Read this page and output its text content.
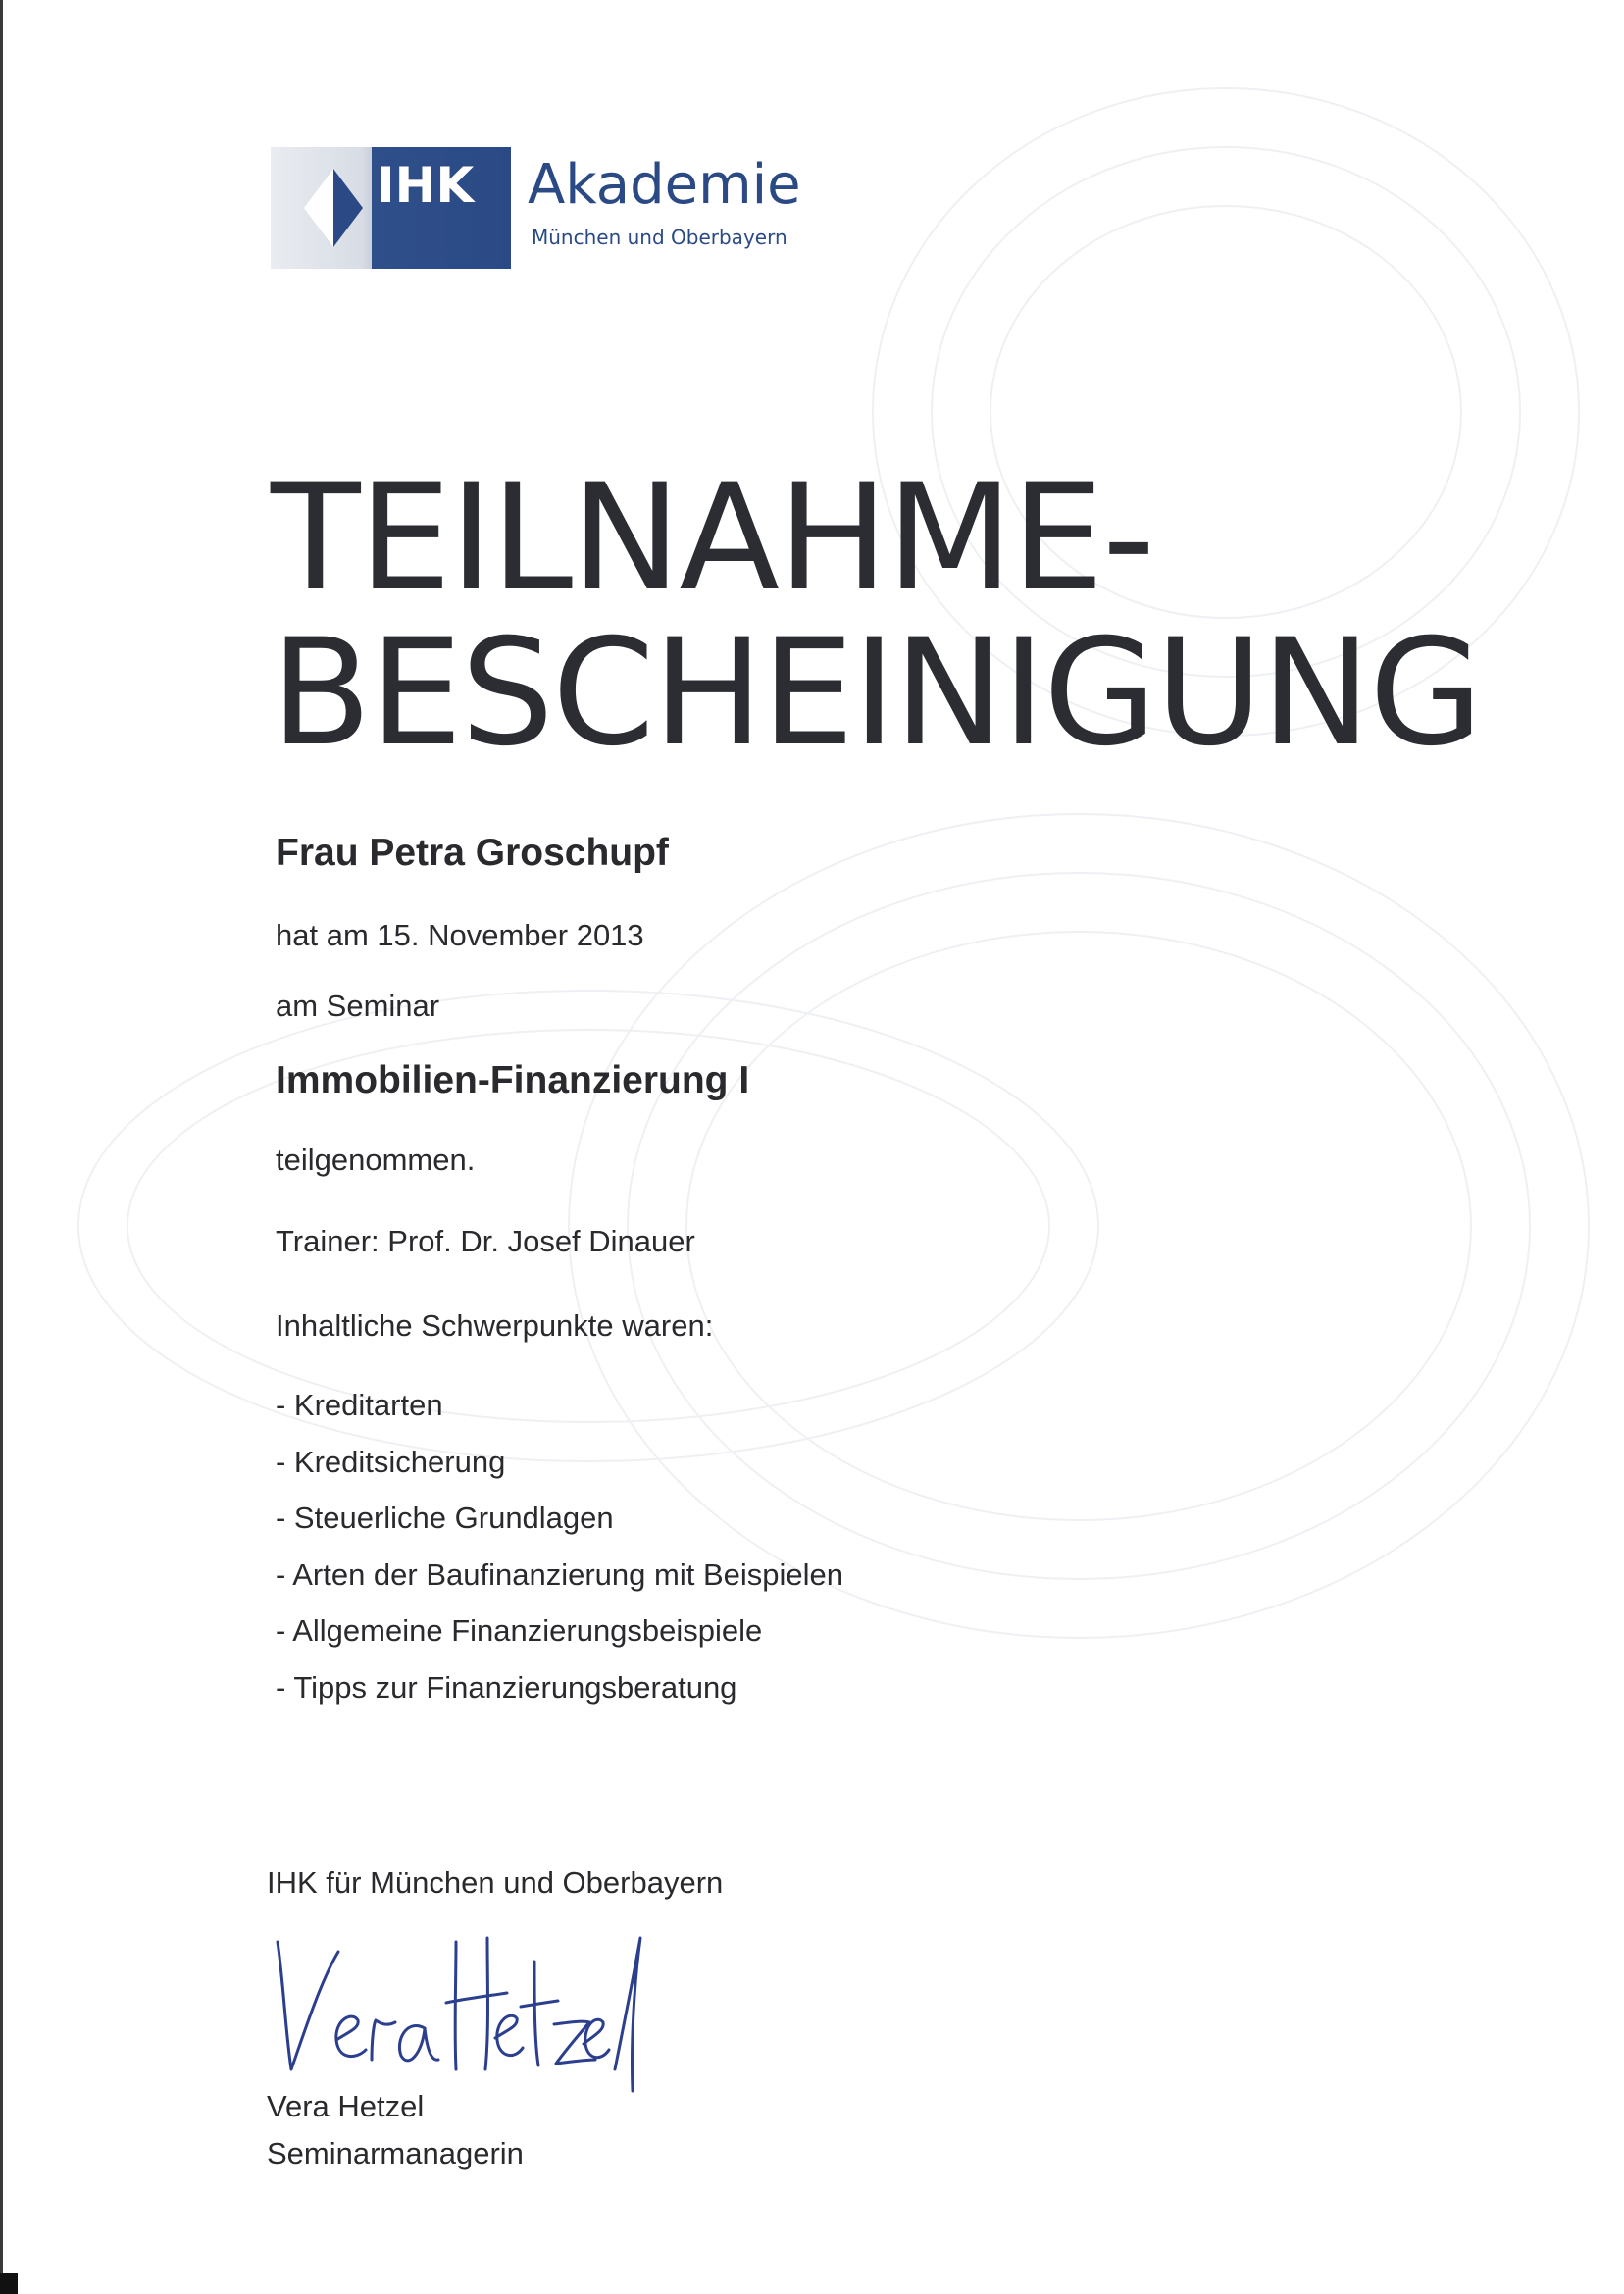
IHK Akademie
München und Oberbayern
TEILNAHME-
BESCHEINIGUNG
Frau Petra Groschupf
hat am 15. November 2013
am Seminar
Immobilien-Finanzierung I
teilgenommen.
Trainer: Prof. Dr. Josef Dinauer
Inhaltliche Schwerpunkte waren:
- Kreditarten
- Kreditsicherung
- Steuerliche Grundlagen
- Arten der Baufinanzierung mit Beispielen
- Allgemeine Finanzierungsbeispiele
- Tipps zur Finanzierungsberatung
IHK für München und Oberbayern
Vera Hetzel
Seminarmanagerin
